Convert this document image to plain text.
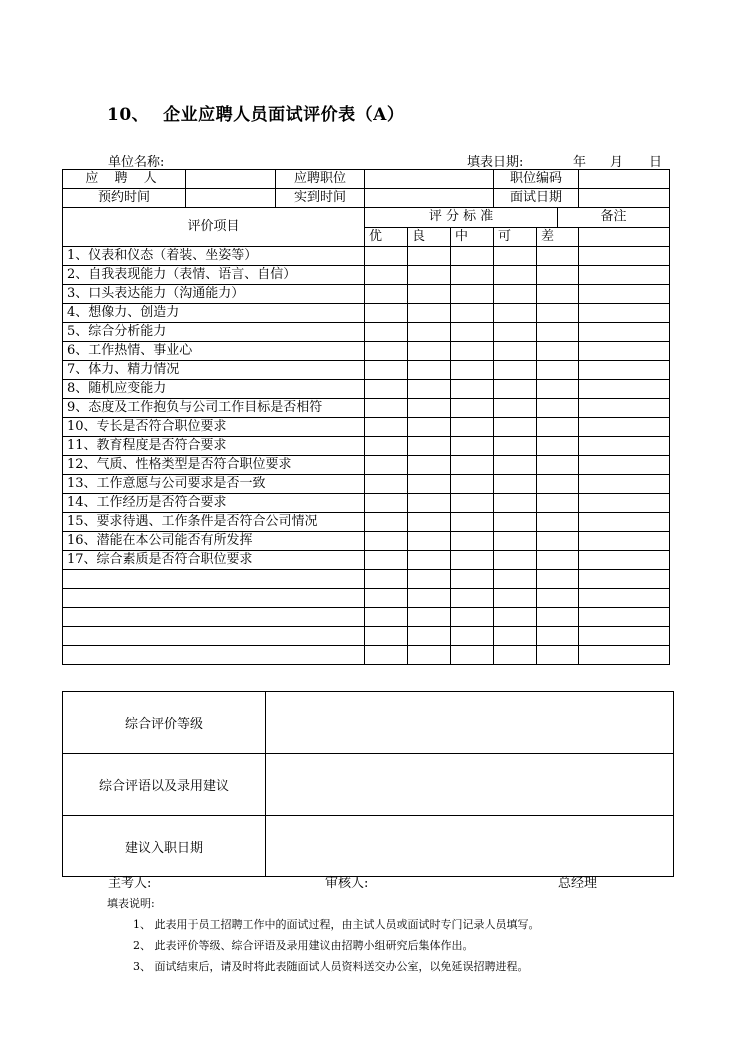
10、 企业应聘人员面试评价表（A）
单位名称:	填表日期:	年 月 日
应 聘 人		应聘职位				职位编码			
预约时间		实到时间				面试日期			
评价项目			评 分 标 准					备注	
			优	良	中	可	差		
1、仪表和仪态（着装、坐姿等）									
2、自我表现能力（表情、语言、自信）									
3、口头表达能力（沟通能力）									
4、想像力、创造力									
5、综合分析能力									
6、工作热情、事业心									
7、体力、精力情况									
8、随机应变能力									
9、态度及工作抱负与公司工作目标是否相符									
10、专长是否符合职位要求									
11、教育程度是否符合要求									
12、气质、性格类型是否符合职位要求									
13、工作意愿与公司要求是否一致									
14、工作经历是否符合要求									
15、要求待遇、工作条件是否符合公司情况									
16、潜能在本公司能否有所发挥									
17、综合素质是否符合职位要求									

综合评价等级	
综合评语以及录用建议	
建议入职日期	
主考人:	审核人:	总经理
填表说明:
1、 此表用于员工招聘工作中的面试过程，由主试人员或面试时专门记录人员填写。
2、 此表评价等级、综合评语及录用建议由招聘小组研究后集体作出。
3、 面试结束后，请及时将此表随面试人员资料送交办公室，以免延误招聘进程。
